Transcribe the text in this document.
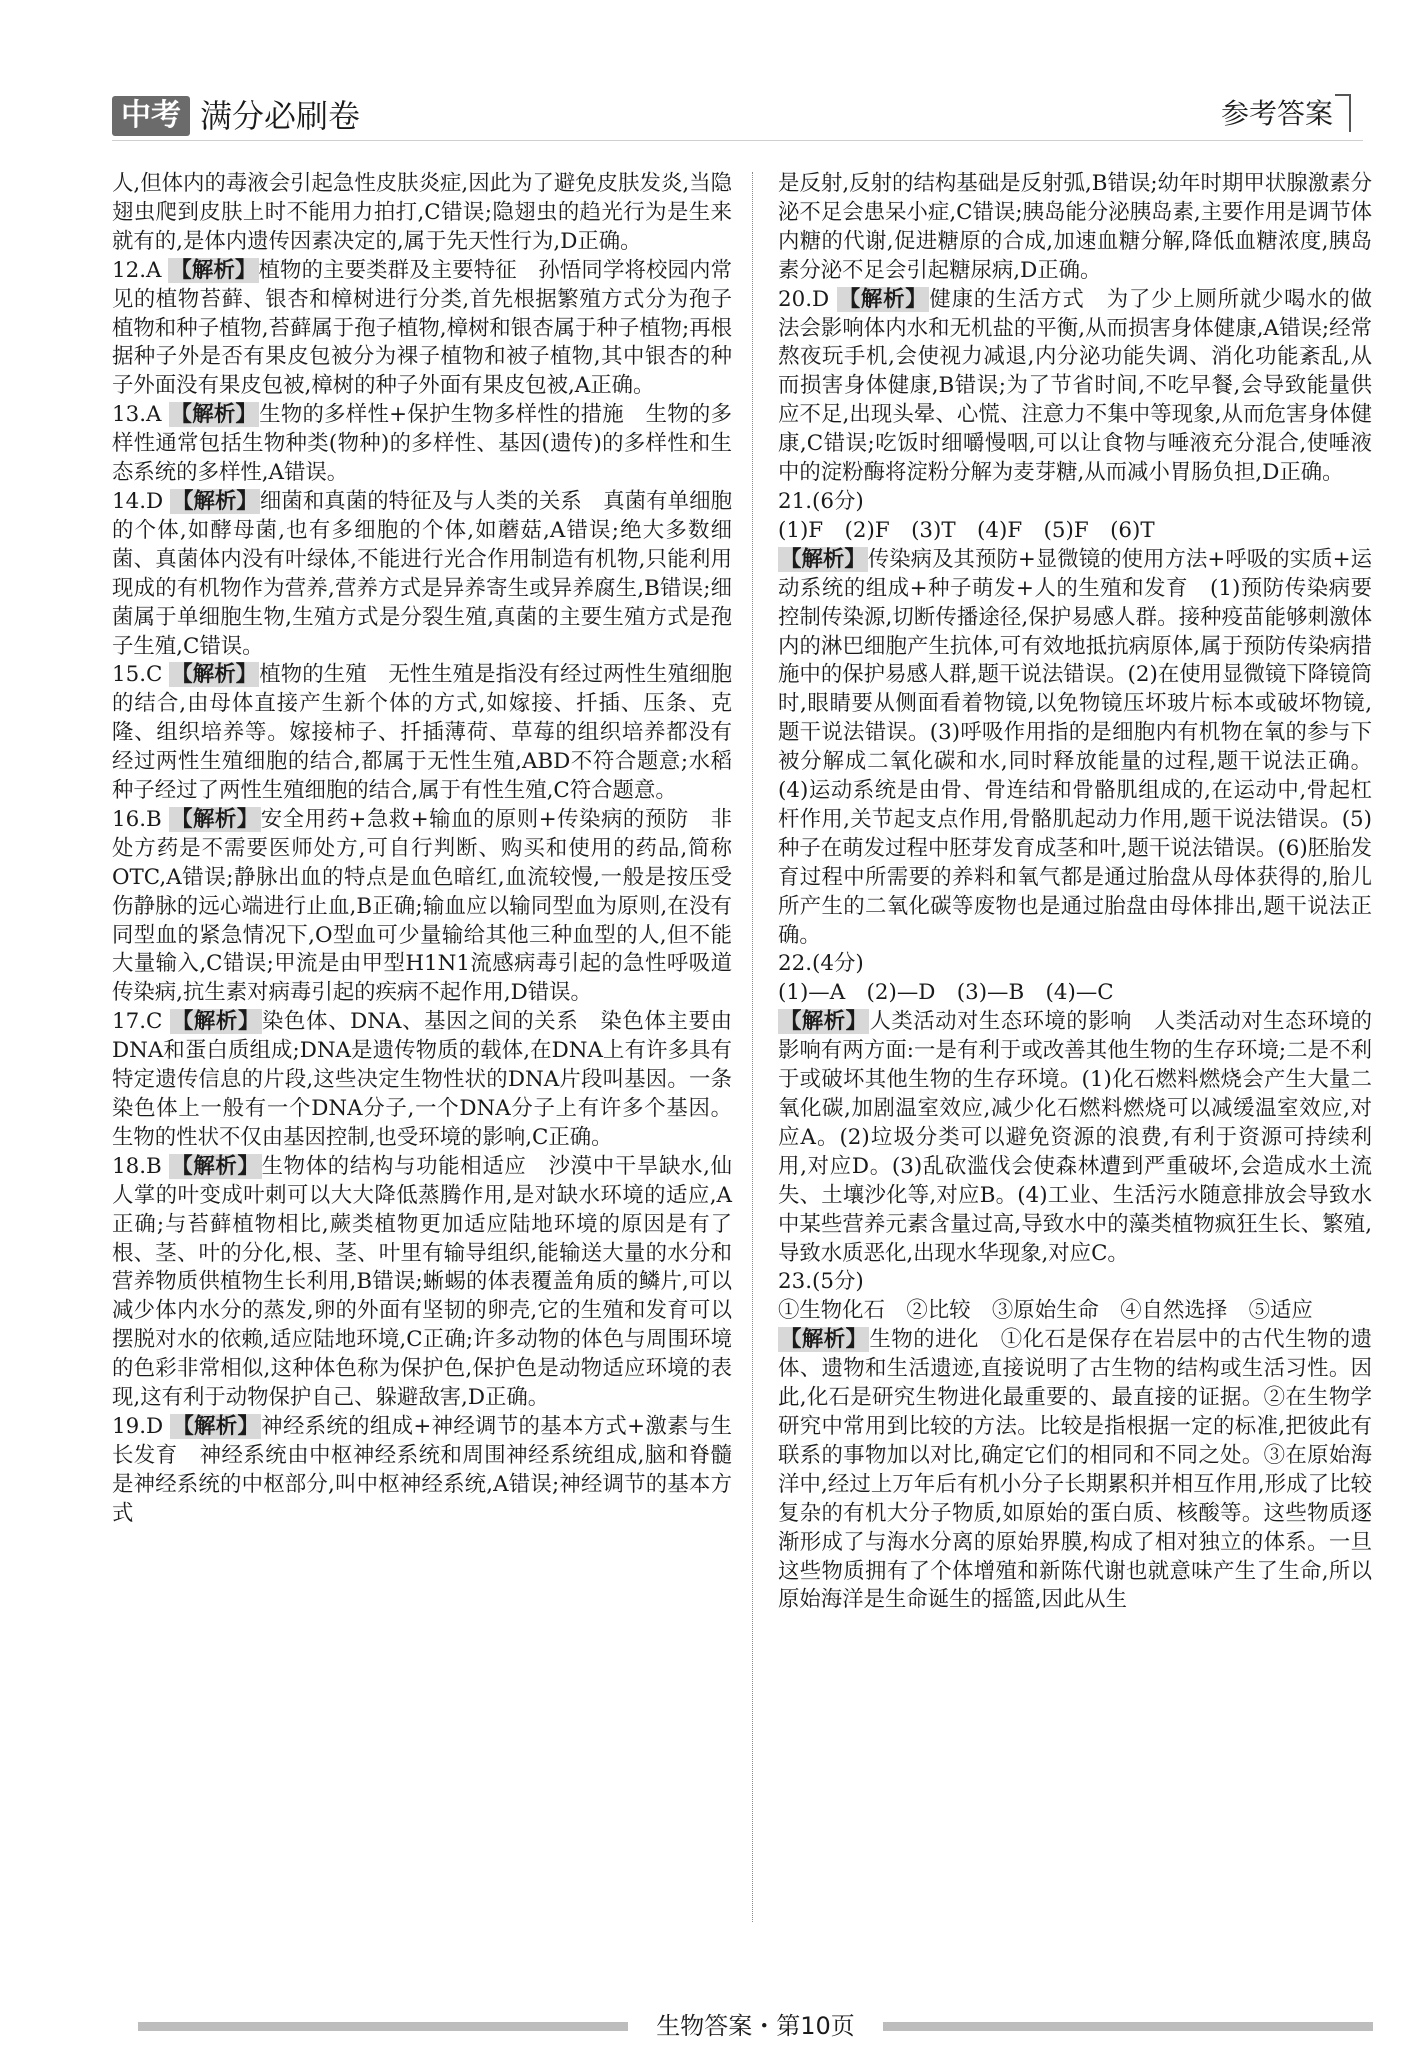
中考 满分必刷卷	参考答案

人,但体内的毒液会引起急性皮肤炎症,因此为了避免皮肤发炎,当隐翅虫爬到皮肤上时不能用力拍打,C错误;隐翅虫的趋光行为是生来就有的,是体内遗传因素决定的,属于先天性行为,D正确。

12.A 【解析】植物的主要类群及主要特征　孙悟同学将校园内常见的植物苔藓、银杏和樟树进行分类,首先根据繁殖方式分为孢子植物和种子植物,苔藓属于孢子植物,樟树和银杏属于种子植物;再根据种子外是否有果皮包被分为裸子植物和被子植物,其中银杏的种子外面没有果皮包被,樟树的种子外面有果皮包被,A正确。

13.A 【解析】生物的多样性+保护生物多样性的措施　生物的多样性通常包括生物种类(物种)的多样性、基因(遗传)的多样性和生态系统的多样性,A错误。

14.D 【解析】细菌和真菌的特征及与人类的关系　真菌有单细胞的个体,如酵母菌,也有多细胞的个体,如蘑菇,A错误;绝大多数细菌、真菌体内没有叶绿体,不能进行光合作用制造有机物,只能利用现成的有机物作为营养,营养方式是异养寄生或异养腐生,B错误;细菌属于单细胞生物,生殖方式是分裂生殖,真菌的主要生殖方式是孢子生殖,C错误。

15.C 【解析】植物的生殖　无性生殖是指没有经过两性生殖细胞的结合,由母体直接产生新个体的方式,如嫁接、扦插、压条、克隆、组织培养等。嫁接柿子、扦插薄荷、草莓的组织培养都没有经过两性生殖细胞的结合,都属于无性生殖,ABD不符合题意;水稻种子经过了两性生殖细胞的结合,属于有性生殖,C符合题意。

16.B 【解析】安全用药+急救+输血的原则+传染病的预防　非处方药是不需要医师处方,可自行判断、购买和使用的药品,简称OTC,A错误;静脉出血的特点是血色暗红,血流较慢,一般是按压受伤静脉的远心端进行止血,B正确;输血应以输同型血为原则,在没有同型血的紧急情况下,O型血可少量输给其他三种血型的人,但不能大量输入,C错误;甲流是由甲型H1N1流感病毒引起的急性呼吸道传染病,抗生素对病毒引起的疾病不起作用,D错误。

17.C 【解析】染色体、DNA、基因之间的关系　染色体主要由DNA和蛋白质组成;DNA是遗传物质的载体,在DNA上有许多具有特定遗传信息的片段,这些决定生物性状的DNA片段叫基因。一条染色体上一般有一个DNA分子,一个DNA分子上有许多个基因。生物的性状不仅由基因控制,也受环境的影响,C正确。

18.B 【解析】生物体的结构与功能相适应　沙漠中干旱缺水,仙人掌的叶变成叶刺可以大大降低蒸腾作用,是对缺水环境的适应,A正确;与苔藓植物相比,蕨类植物更加适应陆地环境的原因是有了根、茎、叶的分化,根、茎、叶里有输导组织,能输送大量的水分和营养物质供植物生长利用,B错误;蜥蜴的体表覆盖角质的鳞片,可以减少体内水分的蒸发,卵的外面有坚韧的卵壳,它的生殖和发育可以摆脱对水的依赖,适应陆地环境,C正确;许多动物的体色与周围环境的色彩非常相似,这种体色称为保护色,保护色是动物适应环境的表现,这有利于动物保护自己、躲避敌害,D正确。

19.D 【解析】神经系统的组成+神经调节的基本方式+激素与生长发育　神经系统由中枢神经系统和周围神经系统组成,脑和脊髓是神经系统的中枢部分,叫中枢神经系统,A错误;神经调节的基本方式

是反射,反射的结构基础是反射弧,B错误;幼年时期甲状腺激素分泌不足会患呆小症,C错误;胰岛能分泌胰岛素,主要作用是调节体内糖的代谢,促进糖原的合成,加速血糖分解,降低血糖浓度,胰岛素分泌不足会引起糖尿病,D正确。

20.D 【解析】健康的生活方式　为了少上厕所就少喝水的做法会影响体内水和无机盐的平衡,从而损害身体健康,A错误;经常熬夜玩手机,会使视力减退,内分泌功能失调、消化功能紊乱,从而损害身体健康,B错误;为了节省时间,不吃早餐,会导致能量供应不足,出现头晕、心慌、注意力不集中等现象,从而危害身体健康,C错误;吃饭时细嚼慢咽,可以让食物与唾液充分混合,使唾液中的淀粉酶将淀粉分解为麦芽糖,从而减小胃肠负担,D正确。

21.(6分)
(1)F　(2)F　(3)T　(4)F　(5)F　(6)T
【解析】传染病及其预防+显微镜的使用方法+呼吸的实质+运动系统的组成+种子萌发+人的生殖和发育　(1)预防传染病要控制传染源,切断传播途径,保护易感人群。接种疫苗能够刺激体内的淋巴细胞产生抗体,可有效地抵抗病原体,属于预防传染病措施中的保护易感人群,题干说法错误。(2)在使用显微镜下降镜筒时,眼睛要从侧面看着物镜,以免物镜压坏玻片标本或破坏物镜,题干说法错误。(3)呼吸作用指的是细胞内有机物在氧的参与下被分解成二氧化碳和水,同时释放能量的过程,题干说法正确。(4)运动系统是由骨、骨连结和骨骼肌组成的,在运动中,骨起杠杆作用,关节起支点作用,骨骼肌起动力作用,题干说法错误。(5)种子在萌发过程中胚芽发育成茎和叶,题干说法错误。(6)胚胎发育过程中所需要的养料和氧气都是通过胎盘从母体获得的,胎儿所产生的二氧化碳等废物也是通过胎盘由母体排出,题干说法正确。

22.(4分)
(1)—A　(2)—D　(3)—B　(4)—C
【解析】人类活动对生态环境的影响　人类活动对生态环境的影响有两方面:一是有利于或改善其他生物的生存环境;二是不利于或破坏其他生物的生存环境。(1)化石燃料燃烧会产生大量二氧化碳,加剧温室效应,减少化石燃料燃烧可以减缓温室效应,对应A。(2)垃圾分类可以避免资源的浪费,有利于资源可持续利用,对应D。(3)乱砍滥伐会使森林遭到严重破坏,会造成水土流失、土壤沙化等,对应B。(4)工业、生活污水随意排放会导致水中某些营养元素含量过高,导致水中的藻类植物疯狂生长、繁殖,导致水质恶化,出现水华现象,对应C。

23.(5分)
①生物化石　②比较　③原始生命　④自然选择　⑤适应
【解析】生物的进化　①化石是保存在岩层中的古代生物的遗体、遗物和生活遗迹,直接说明了古生物的结构或生活习性。因此,化石是研究生物进化最重要的、最直接的证据。②在生物学研究中常用到比较的方法。比较是指根据一定的标准,把彼此有联系的事物加以对比,确定它们的相同和不同之处。③在原始海洋中,经过上万年后有机小分子长期累积并相互作用,形成了比较复杂的有机大分子物质,如原始的蛋白质、核酸等。这些物质逐渐形成了与海水分离的原始界膜,构成了相对独立的体系。一旦这些物质拥有了个体增殖和新陈代谢也就意味产生了生命,所以原始海洋是生命诞生的摇篮,因此从生

生物答案・第10页
